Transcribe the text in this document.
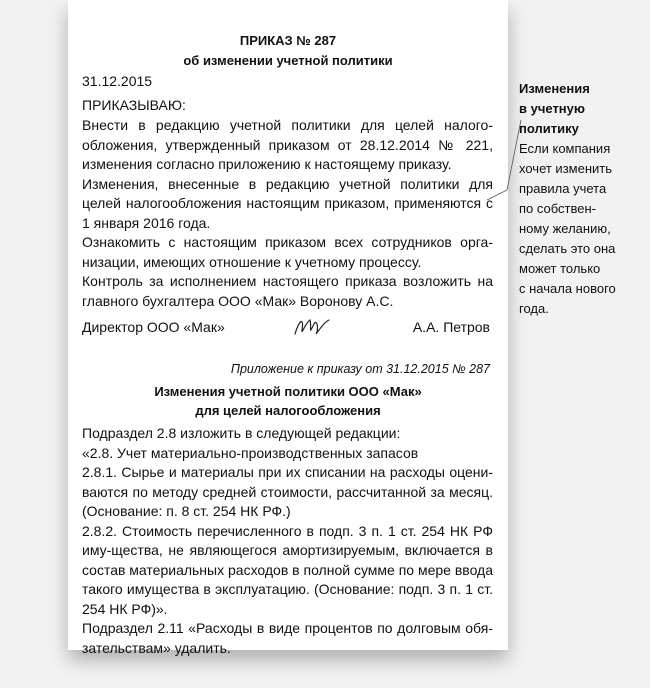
ПРИКАЗ № 287
об изменении учетной политики
31.12.2015
ПРИКАЗЫВАЮ:

Внести в редакцию учетной политики для целей налого-обложения, утвержденный приказом от 28.12.2014 № 221, изменения согласно приложению к настоящему приказу.

Изменения, внесенные в редакцию учетной политики для целей налогообложения настоящим приказом, применяются с 1 января 2016 года.

Ознакомить с настоящим приказом всех сотрудников орга-низации, имеющих отношение к учетному процессу.

Контроль за исполнением настоящего приказа возложить на главного бухгалтера ООО «Мак» Воронову А.С.

Директор ООО «Мак»	А.А. Петров
Приложение к приказу от 31.12.2015 № 287
Изменения учетной политики ООО «Мак»
для целей налогообложения

Подраздел 2.8 изложить в следующей редакции:

«2.8. Учет материально-производственных запасов

2.8.1. Сырье и материалы при их списании на расходы оцени-ваются по методу средней стоимости, рассчитанной за месяц. (Основание: п. 8 ст. 254 НК РФ.)

2.8.2. Стоимость перечисленного в подп. 3 п. 1 ст. 254 НК РФ иму-щества, не являющегося амортизируемым, включается в состав материальных расходов в полной сумме по мере ввода такого имущества в эксплуатацию. (Основание: подп. 3 п. 1 ст. 254 НК РФ)».

Подраздел 2.11 «Расходы в виде процентов по долговым обя-зательствам» удалить.

Изменения
в учетную
политику
Если компания
хочет изменить
правила учета
по собствен-
ному желанию,
сделать это она
может только
с начала нового
года.
